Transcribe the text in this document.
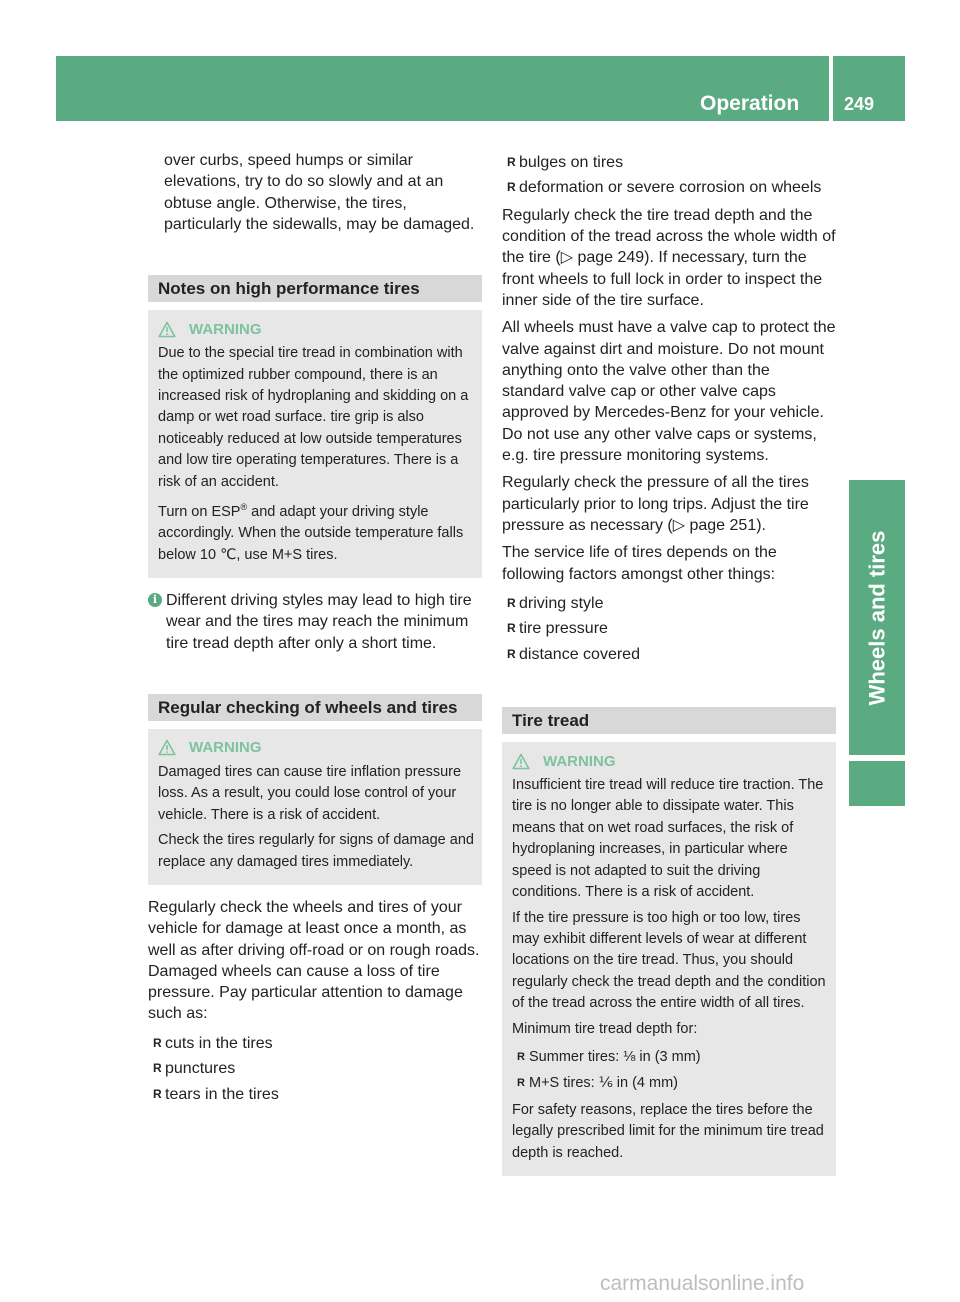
Operation 249
Wheels and tires

over curbs, speed humps or similar elevations, try to do so slowly and at an obtuse angle. Otherwise, the tires, particularly the sidewalls, may be damaged.

Notes on high performance tires
WARNING

Due to the special tire tread in combination with the optimized rubber compound, there is an increased risk of hydroplaning and skidding on a damp or wet road surface. tire grip is also noticeably reduced at low outside temperatures and low tire operating temperatures. There is a risk of an accident.

Turn on ESP® and adapt your driving style accordingly. When the outside temperature falls below 10 ℃, use M+S tires.

i Different driving styles may lead to high tire wear and the tires may reach the minimum tire tread depth after only a short time.

Regular checking of wheels and tires
WARNING

Damaged tires can cause tire inflation pressure loss. As a result, you could lose control of your vehicle. There is a risk of accident.

Check the tires regularly for signs of damage and replace any damaged tires immediately.

Regularly check the wheels and tires of your vehicle for damage at least once a month, as well as after driving off-road or on rough roads. Damaged wheels can cause a loss of tire pressure. Pay particular attention to damage such as:

R cuts in the tires
R punctures
R tears in the tires
R bulges on tires
R deformation or severe corrosion on wheels

Regularly check the tire tread depth and the condition of the tread across the whole width of the tire (▷ page 249). If necessary, turn the front wheels to full lock in order to inspect the inner side of the tire surface.

All wheels must have a valve cap to protect the valve against dirt and moisture. Do not mount anything onto the valve other than the standard valve cap or other valve caps approved by Mercedes-Benz for your vehicle. Do not use any other valve caps or systems, e.g. tire pressure monitoring systems.

Regularly check the pressure of all the tires particularly prior to long trips. Adjust the tire pressure as necessary (▷ page 251).

The service life of tires depends on the following factors amongst other things:

R driving style
R tire pressure
R distance covered
Tire tread
WARNING

Insufficient tire tread will reduce tire traction. The tire is no longer able to dissipate water. This means that on wet road surfaces, the risk of hydroplaning increases, in particular where speed is not adapted to suit the driving conditions. There is a risk of accident.

If the tire pressure is too high or too low, tires may exhibit different levels of wear at different locations on the tire tread. Thus, you should regularly check the tread depth and the condition of the tread across the entire width of all tires.

Minimum tire tread depth for:

R Summer tires: ⅛ in (3 mm)
R M+S tires: ⅙ in (4 mm)

For safety reasons, replace the tires before the legally prescribed limit for the minimum tire tread depth is reached.

carmanualsonline.info
